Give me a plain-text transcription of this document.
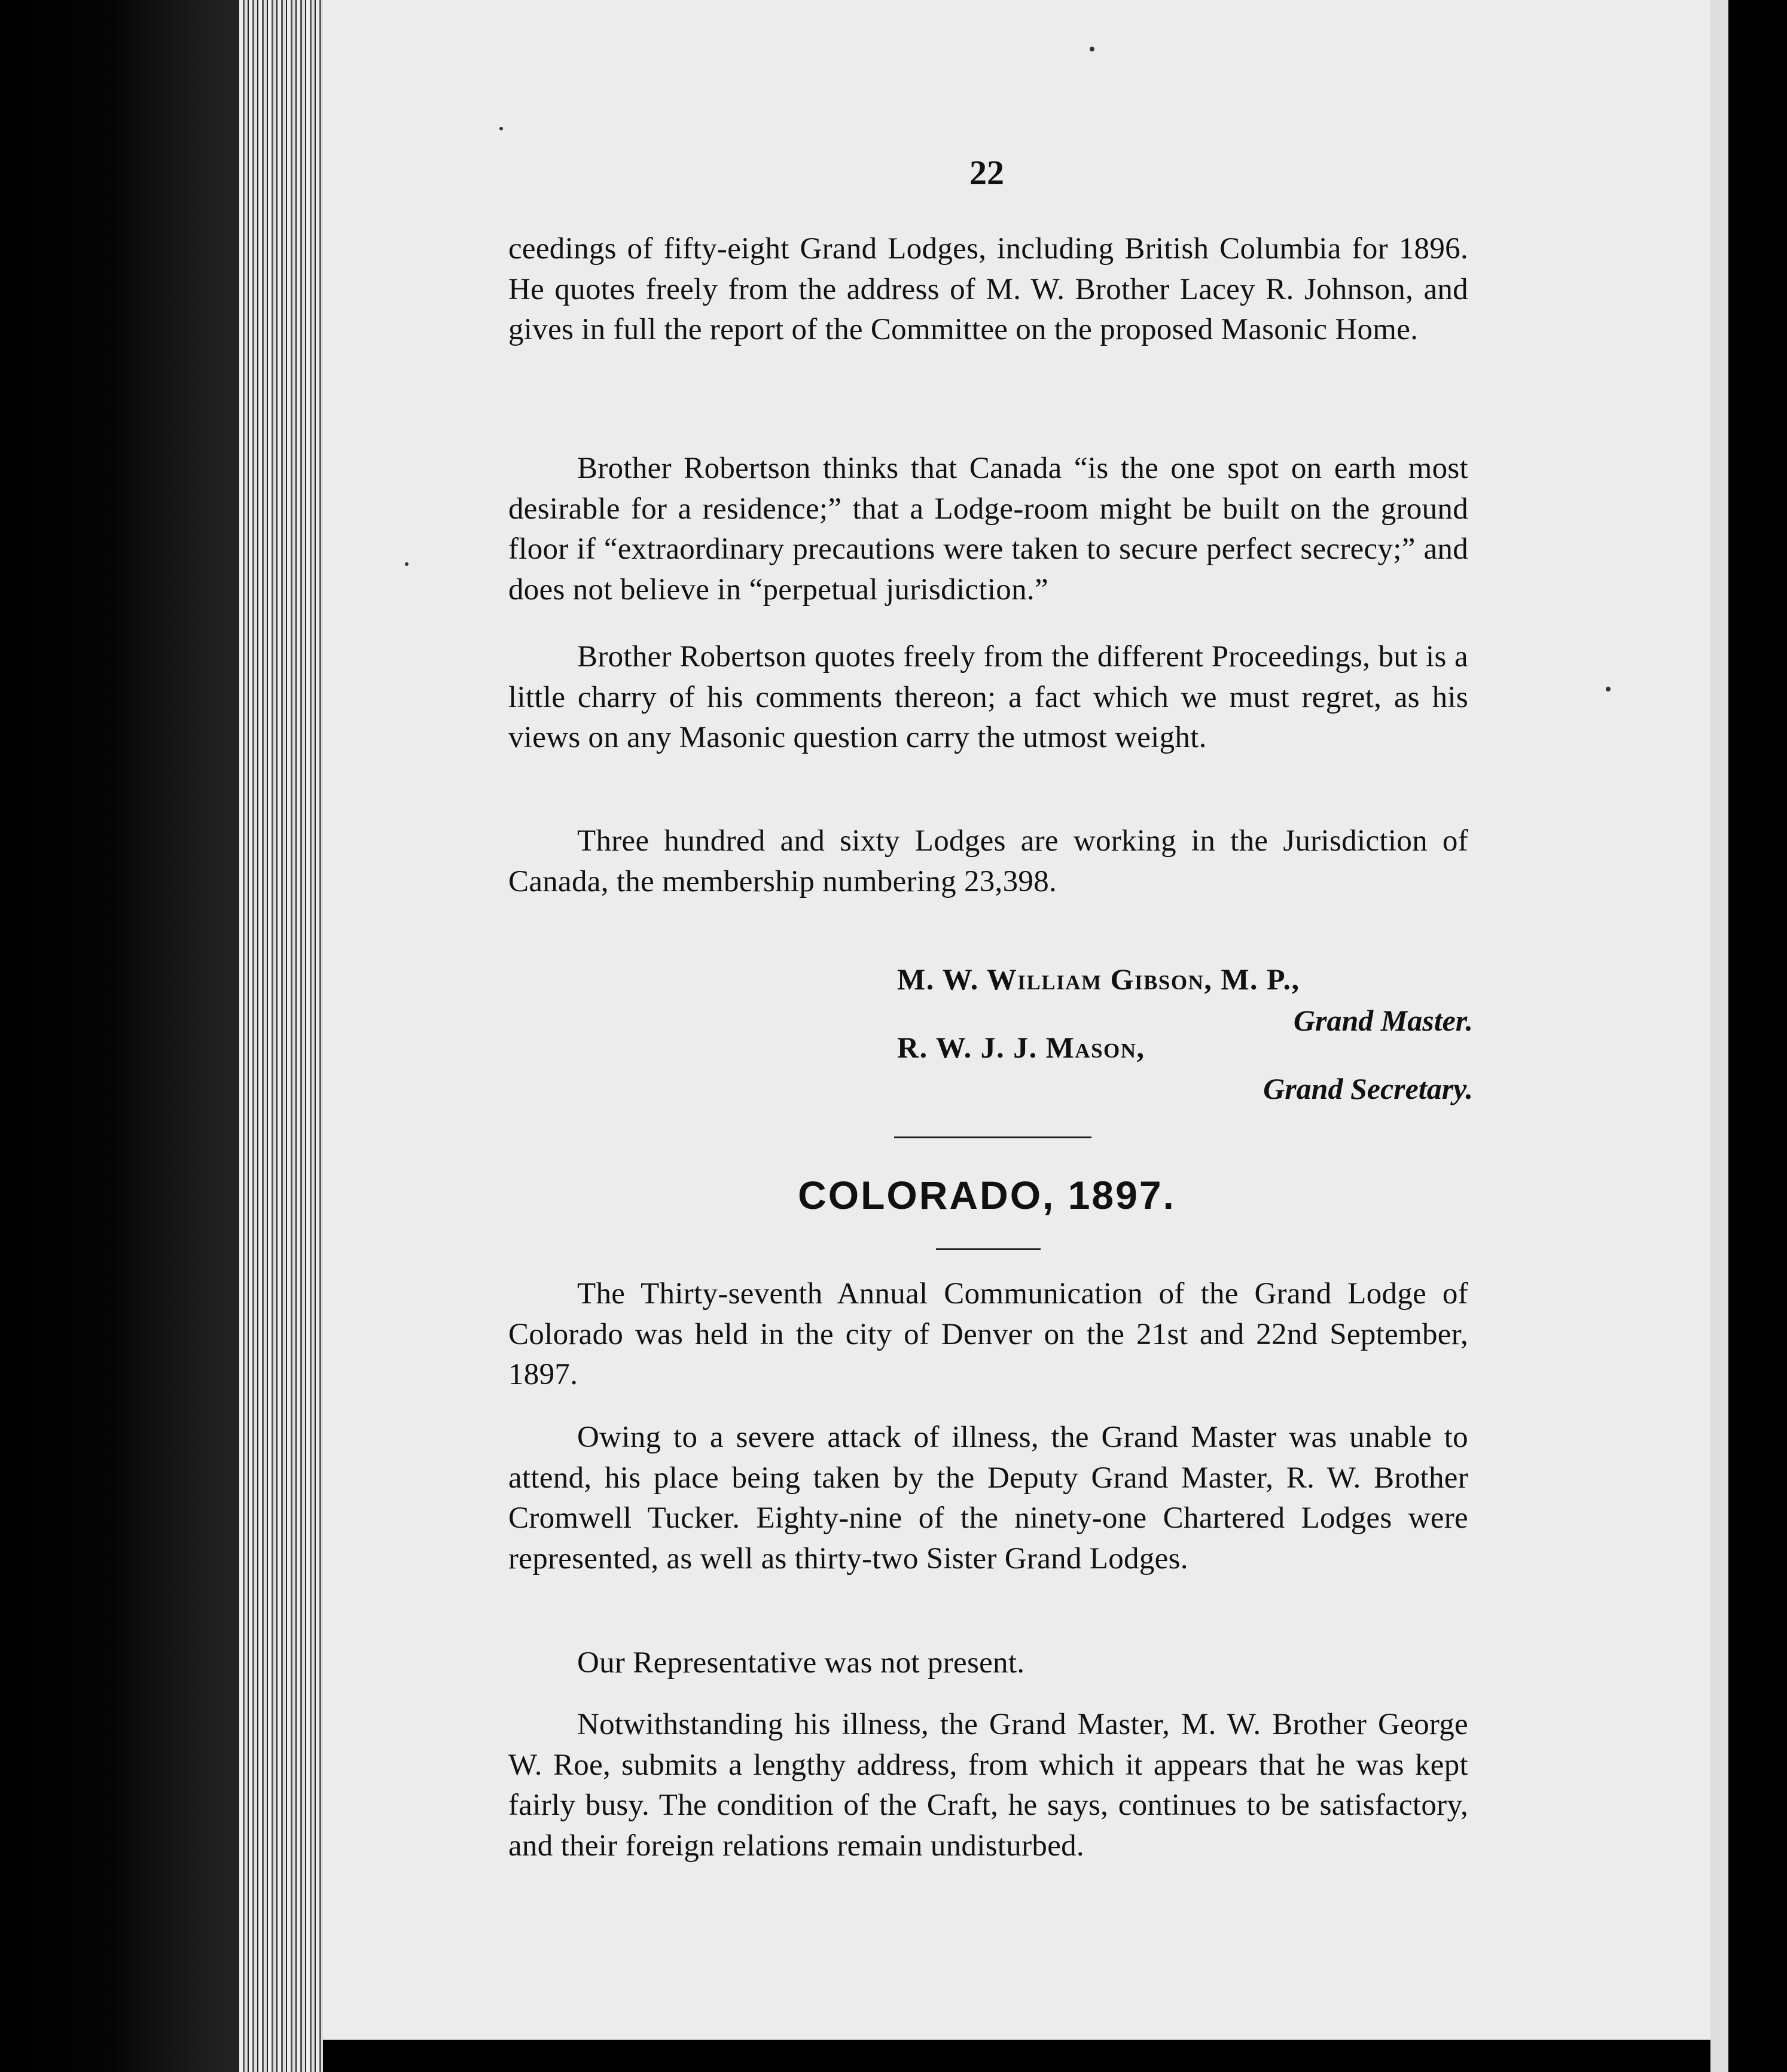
22

ceedings of fifty-eight Grand Lodges, including British Columbia for 1896. He quotes freely from the address of M. W. Brother Lacey R. Johnson, and gives in full the report of the Committee on the proposed Masonic Home.

Brother Robertson thinks that Canada “is the one spot on earth most desirable for a residence;” that a Lodge-room might be built on the ground floor if “extraordinary precautions were taken to secure perfect secrecy;” and does not believe in “perpetual jurisdiction.”

Brother Robertson quotes freely from the different Proceedings, but is a little charry of his comments thereon; a fact which we must regret, as his views on any Masonic question carry the utmost weight.

Three hundred and sixty Lodges are working in the Jurisdiction of Canada, the membership numbering 23,398.

M. W. William Gibson, M. P.,
Grand Master.
R. W. J. J. Mason,
Grand Secretary.
COLORADO, 1897.

The Thirty-seventh Annual Communication of the Grand Lodge of Colorado was held in the city of Denver on the 21st and 22nd September, 1897.

Owing to a severe attack of illness, the Grand Master was unable to attend, his place being taken by the Deputy Grand Master, R. W. Brother Cromwell Tucker. Eighty-nine of the ninety-one Chartered Lodges were represented, as well as thirty-two Sister Grand Lodges.

Our Representative was not present.

Notwithstanding his illness, the Grand Master, M. W. Brother George W. Roe, submits a lengthy address, from which it appears that he was kept fairly busy. The condition of the Craft, he says, continues to be satisfactory, and their foreign relations remain undisturbed.
